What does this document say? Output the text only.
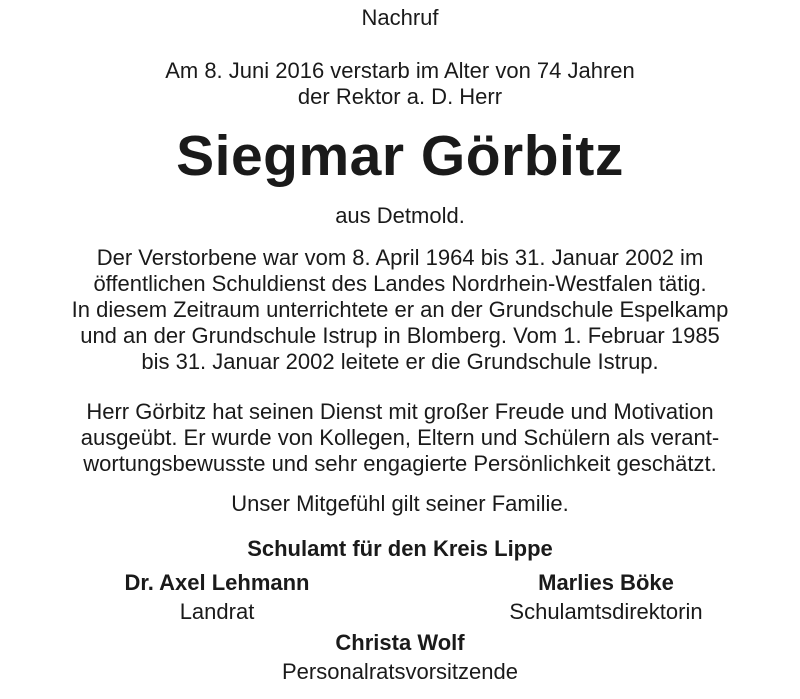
Nachruf
Am 8. Juni 2016 verstarb im Alter von 74 Jahren
der Rektor a. D. Herr
Siegmar Görbitz
aus Detmold.
Der Verstorbene war vom 8. April 1964 bis 31. Januar 2002 im
öffentlichen Schuldienst des Landes Nordrhein-Westfalen tätig.
In diesem Zeitraum unterrichtete er an der Grundschule Espelkamp
und an der Grundschule Istrup in Blomberg. Vom 1. Februar 1985
bis 31. Januar 2002 leitete er die Grundschule Istrup.
Herr Görbitz hat seinen Dienst mit großer Freude und Motivation
ausgeübt. Er wurde von Kollegen, Eltern und Schülern als verant-
wortungsbewusste und sehr engagierte Persönlichkeit geschätzt.
Unser Mitgefühl gilt seiner Familie.
Schulamt für den Kreis Lippe
Dr. Axel Lehmann
Landrat
Marlies Böke
Schulamtsdirektorin
Christa Wolf
Personalratsvorsitzende
